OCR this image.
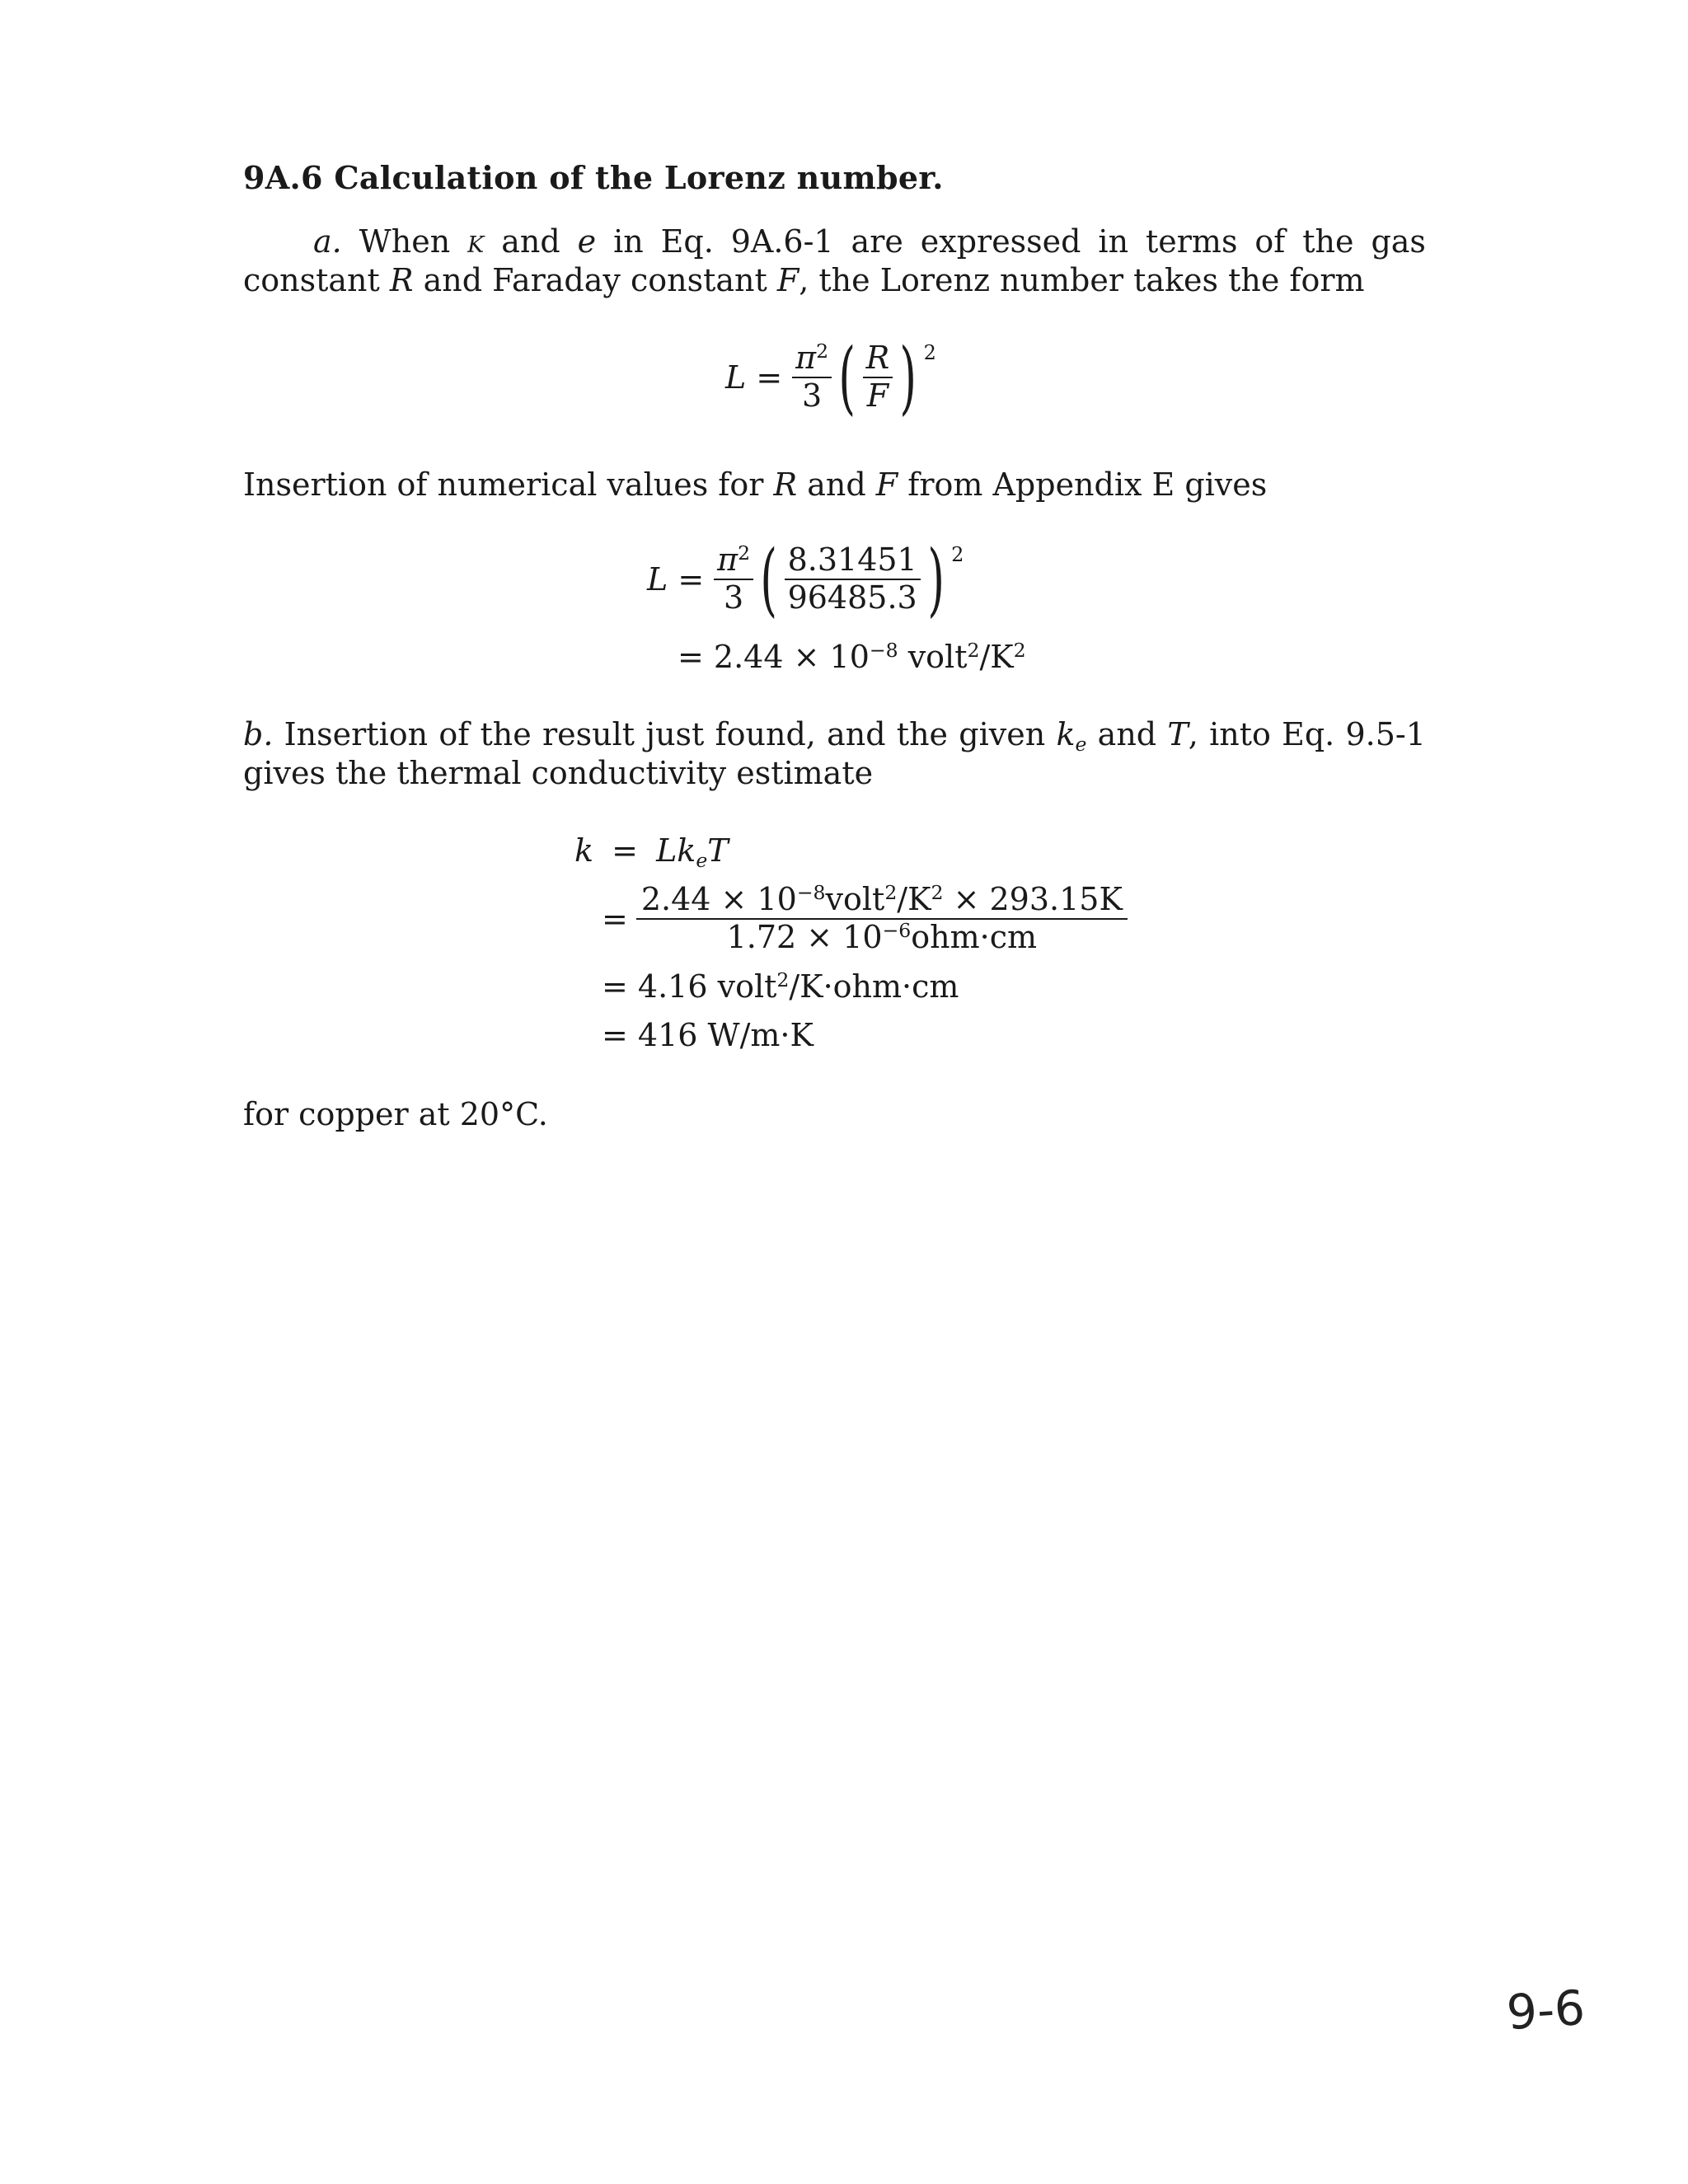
9A.6 Calculation of the Lorenz number.
a. When κ and e in Eq. 9A.6-1 are expressed in terms of the gas constant R and Faraday constant F, the Lorenz number takes the form
$L = \frac{\pi^2}{3}$ ( $\frac{R}{F}$ ) 2
Insertion of numerical values for R and F from Appendix E gives
$L = \frac{\pi^2}{3}$ ( $\frac{8.31451}{96485.3}$ ) 2
= $2.44 \times 10^{-8}$ $volt^2/K^2$
b. Insertion of the result just found, and the given $k_e$ and T, into Eq. 9.5-1 gives the thermal conductivity estimate
$k = Lk_eT$
= $\frac{2.44 \times 10^{-8}volt^2/K^2 \times 293.15K}{1.72 \times 10^{-6}ohm\cdot cm}$
= 4.16 volt$^2$/K·ohm·cm
= 416 W/m·K
for copper at 20°C.
9-6
